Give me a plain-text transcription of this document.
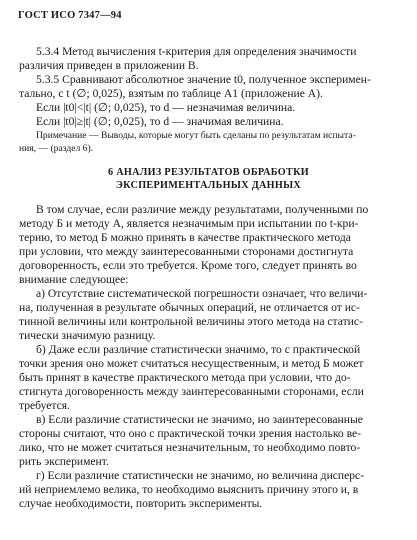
ГОСТ ИСО 7347—94
5.3.4 Метод вычисления t-критерия для определения значимости
различия приведен в приложении В.
5.3.5 Сравнивают абсолютное значение t0, полученное эксперимен-
тально, с t (∅; 0,025), взятым по таблице А1 (приложение А).
Если |t0|<|t| (∅; 0,025), то d — незначимая величина.
Если |t0|≥|t| (∅; 0,025), то d — значимая величина.
Примечание — Выводы, которые могут быть сделаны по результатам испыта-
ния, — (раздел 6).
6 АНАЛИЗ РЕЗУЛЬТАТОВ ОБРАБОТКИ
ЭКСПЕРИМЕНТАЛЬНЫХ ДАННЫХ
В том случае, если различие между результатами, полученными по
методу Б и методу А, является незначимым при испытании по t-кри-
терию, то метод Б можно принять в качестве практического метода
при условии, что между заинтересованными сторонами достигнута
договоренность, если это требуется. Кроме того, следует принять во
внимание следующее:
а) Отсутствие систематической погрешности означает, что величи-
на, полученная в результате обычных операций, не отличается от ис-
тинной величины или контрольной величины этого метода на статис-
тически значимую разницу.
б) Даже если различие статистически значимо, то с практической
точки зрения оно может считаться несущественным, и метод Б может
быть принят в качестве практического метода при условии, что до-
стигнута договоренность между заинтересованными сторонами, если
требуется.
в) Если различие статистически не значимо, но заинтересованные
стороны считают, что оно с практической точки зрения настолько ве-
лико, что не может считаться незначительным, то необходимо повто-
рить эксперимент.
г) Если различие статистически не значимо, но величина дисперс-
ий неприемлемо велика, то необходимо выяснить причину этого и, в
случае необходимости, повторить эксперименты.
